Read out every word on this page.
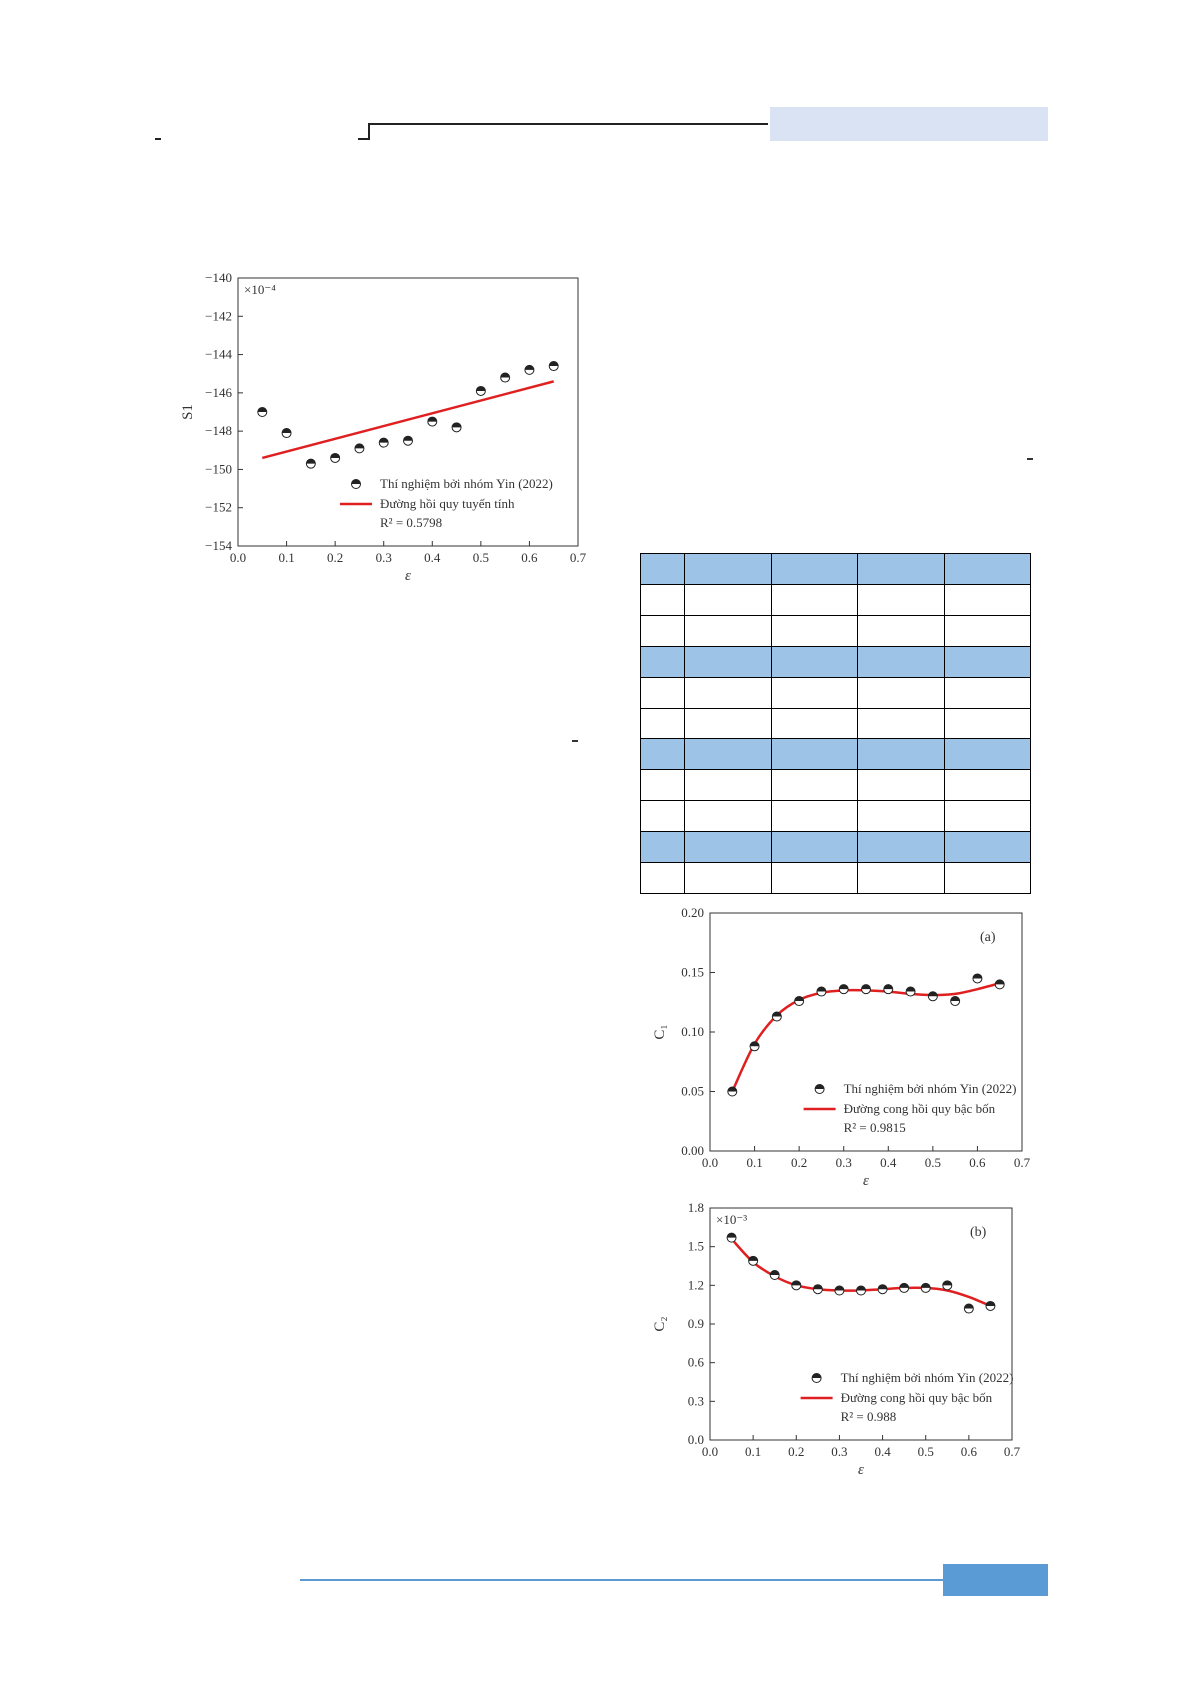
0.0 0.1 0.2 0.3 0.4 0.5 0.6 0.7
−140
−142
−144
−146
−148
−150
−152
−154
ε
S1
×10⁻⁴
Thí nghiệm bởi nhóm Yin (2022)
Đường hồi quy tuyến tính
R² = 0.5798

0.0 0.1 0.2 0.3 0.4 0.5 0.6 0.7
0.20
0.15
0.10
0.05
0.00
ε
C₁
(a)
Thí nghiệm bởi nhóm Yin (2022)
Đường cong hồi quy bậc bốn
R² = 0.9815
0.0 0.1 0.2 0.3 0.4 0.5 0.6 0.7
1.8
1.5
1.2
0.9
0.6
0.3
0.0
ε
C₂
×10⁻³
(b)
Thí nghiệm bởi nhóm Yin (2022)
Đường cong hồi quy bậc bốn
R² = 0.988
